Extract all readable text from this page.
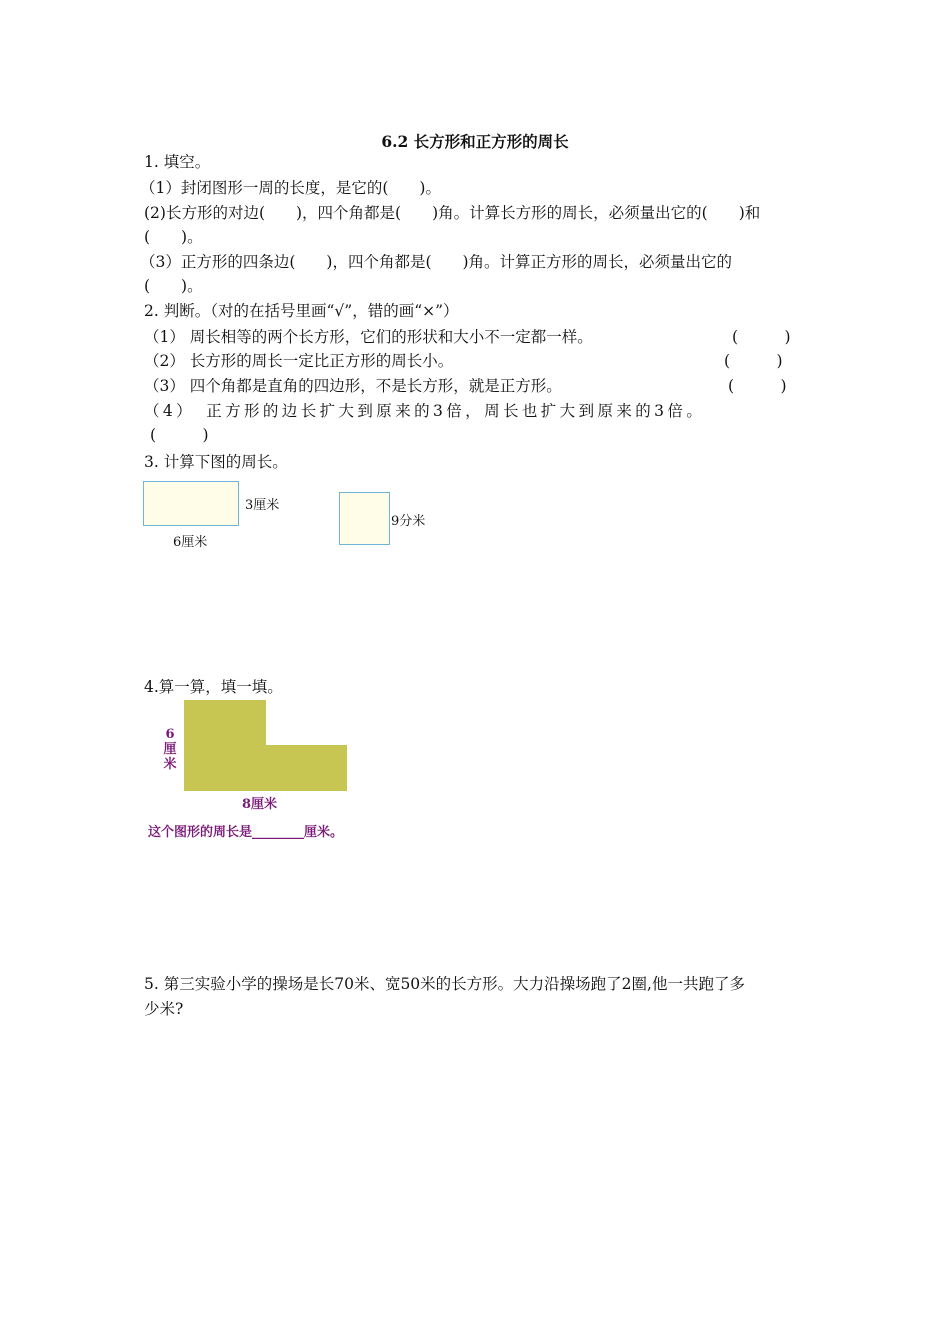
6.2 长方形和正方形的周长
1. 填空。
（1）封闭图形一周的长度，是它的(　　)。
(2)长方形的对边(　　)，四个角都是(　　)角。计算长方形的周长，必须量出它的(　　)和
(　　)。
（3）正方形的四条边(　　)，四个角都是(　　)角。计算正方形的周长，必须量出它的
(　　)。
2. 判断。（对的在括号里画“√”，错的画“×”）
（1） 周长相等的两个长方形，它们的形状和大小不一定都一样。	(　　　)
（2） 长方形的周长一定比正方形的周长小。	(　　　)
（3） 四个角都是直角的四边形，不是长方形，就是正方形。	(　　　)
（4）　正方形的边长扩大到原来的3倍，周长也扩大到原来的3倍。
(　　　)
3. 计算下图的周长。
3厘米
6厘米
9分米
4.算一算，填一填。
6
厘
米
8厘米
这个图形的周长是________厘米。
5. 第三实验小学的操场是长70米、宽50米的长方形。大力沿操场跑了2圈,他一共跑了多
少米?
